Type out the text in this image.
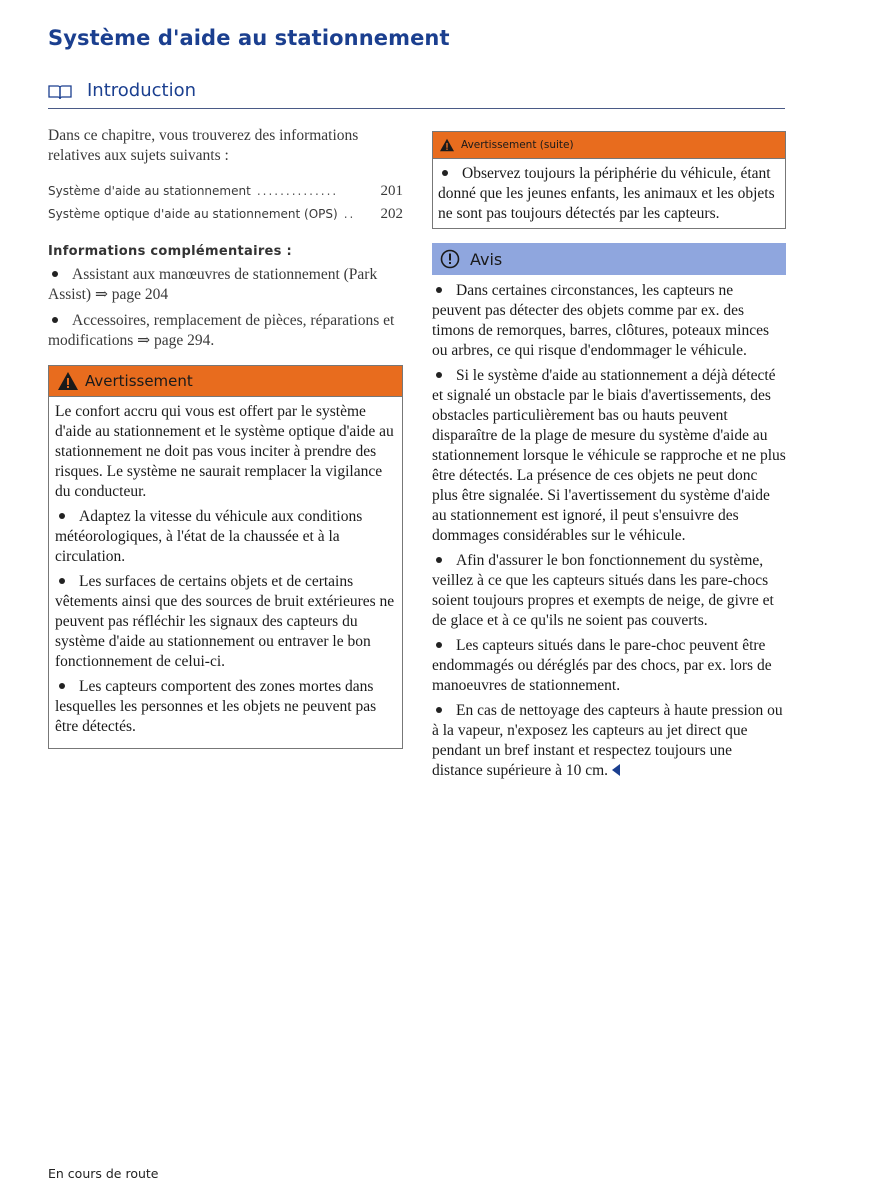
Système d'aide au stationnement
Introduction

Dans ce chapitre, vous trouverez des informations relatives aux sujets suivants :

Système d'aide au stationnement ..............	201
Système optique d'aide au stationnement (OPS) ..	202
Informations complémentaires :

Assistant aux manœuvres de stationnement (Park Assist) ⇒ page 204

Accessoires, remplacement de pièces, réparations et modifications ⇒ page 294.

Avertissement

Le confort accru qui vous est offert par le système d'aide au stationnement et le système optique d'aide au stationnement ne doit pas vous inciter à prendre des risques. Le système ne saurait remplacer la vigilance du conducteur.

Adaptez la vitesse du véhicule aux conditions météorologiques, à l'état de la chaussée et à la circulation.

Les surfaces de certains objets et de certains vêtements ainsi que des sources de bruit extérieures ne peuvent pas réfléchir les signaux des capteurs du système d'aide au stationnement ou entraver le bon fonctionnement de celui-ci.

Les capteurs comportent des zones mortes dans lesquelles les personnes et les objets ne peuvent pas être détectés.

Avertissement (suite)

Observez toujours la périphérie du véhicule, étant donné que les jeunes enfants, les animaux et les objets ne sont pas toujours détectés par les capteurs.

Avis

Dans certaines circonstances, les capteurs ne peuvent pas détecter des objets comme par ex. des timons de remorques, barres, clôtures, poteaux minces ou arbres, ce qui risque d'endommager le véhicule.

Si le système d'aide au stationnement a déjà détecté et signalé un obstacle par le biais d'avertissements, des obstacles particulièrement bas ou hauts peuvent disparaître de la plage de mesure du système d'aide au stationnement lorsque le véhicule se rapproche et ne plus être détectés. La présence de ces objets ne peut donc plus être signalée. Si l'avertissement du système d'aide au stationnement est ignoré, il peut s'ensuivre des dommages considérables sur le véhicule.

Afin d'assurer le bon fonctionnement du système, veillez à ce que les capteurs situés dans les pare-chocs soient toujours propres et exempts de neige, de givre et de glace et à ce qu'ils ne soient pas couverts.

Les capteurs situés dans le pare-choc peuvent être endommagés ou déréglés par des chocs, par ex. lors de manoeuvres de stationnement.

En cas de nettoyage des capteurs à haute pression ou à la vapeur, n'exposez les capteurs au jet direct que pendant un bref instant et respectez toujours une distance supérieure à 10 cm.

En cours de route
